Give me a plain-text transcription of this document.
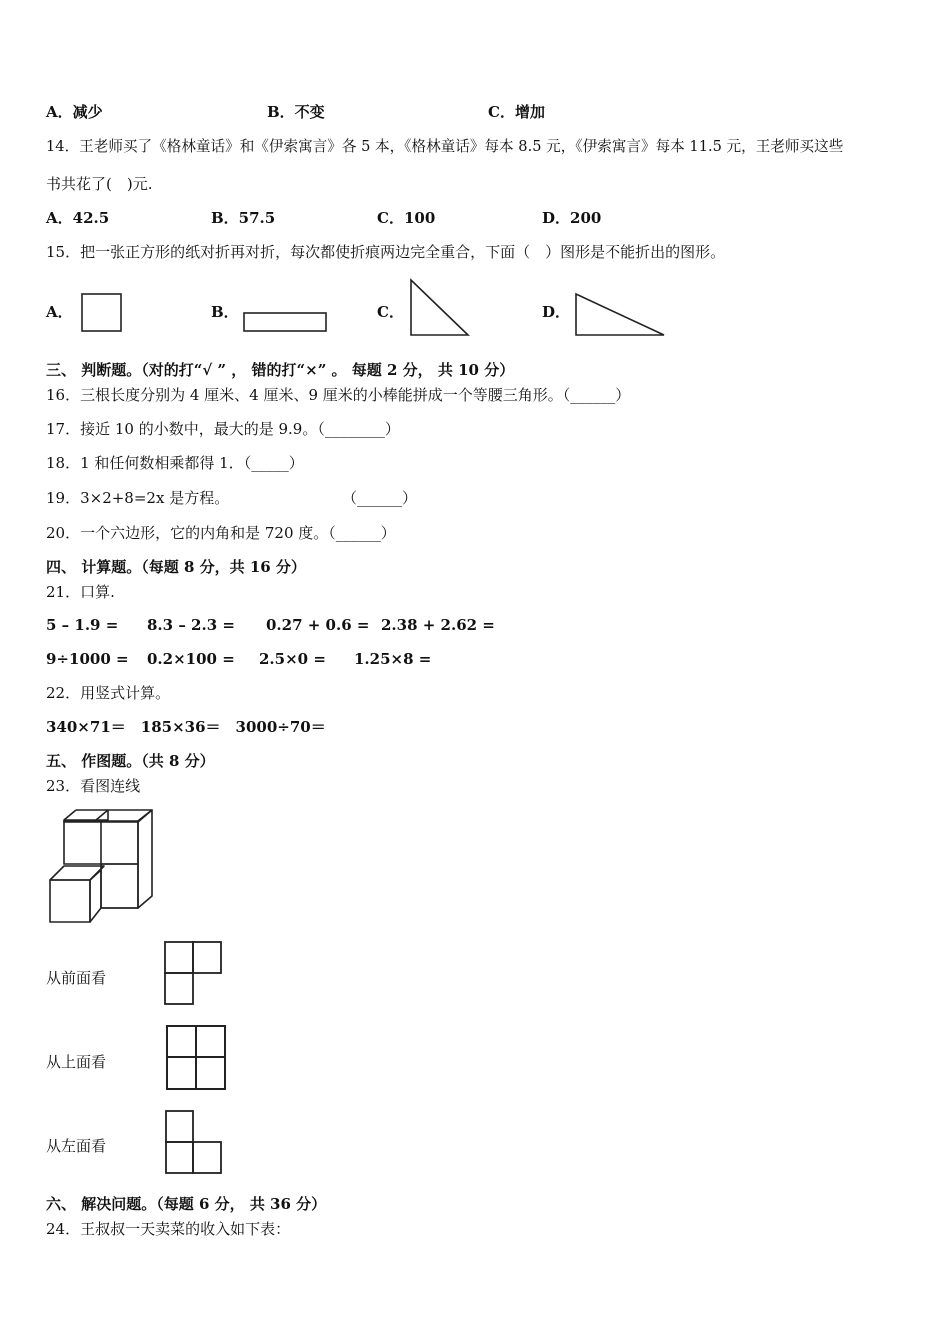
A．减少	B．不变	C．增加
14．王老师买了《格林童话》和《伊索寓言》各 5 本，《格林童话》每本 8.5 元，《伊索寓言》每本 11.5 元，王老师买这些
书共花了(　)元.
A．42.5	B．57.5	C．100	D．200
15．把一张正方形的纸对折再对折，每次都使折痕两边完全重合，下面（　）图形是不能折出的图形。
A．	B．	C．	D．
三、 判断题。（对的打“√ ” ， 错的打“×” 。 每题 2 分， 共 10 分）
16．三根长度分别为 4 厘米、4 厘米、9 厘米的小棒能拼成一个等腰三角形。（______）
17．接近 10 的小数中，最大的是 9.9。（________）
18．1 和任何数相乘都得 1．（_____）
19．3×2+8=2x 是方程。	（______）
20．一个六边形，它的内角和是 720 度。（______）
四、 计算题。（每题 8 分，共 16 分）
21．口算.
5 – 1.9 = 8.3 – 2.3 = 0.27 + 0.6 = 2.38 + 2.62 =
9÷1000 = 0.2×100 = 2.5×0 = 1.25×8 =
22．用竖式计算。
340×71＝　185×36＝　3000÷70＝
五、 作图题。（共 8 分）
23．看图连线
从前面看
从上面看
从左面看
六、 解决问题。（每题 6 分， 共 36 分）
24．王叔叔一天卖菜的收入如下表：
